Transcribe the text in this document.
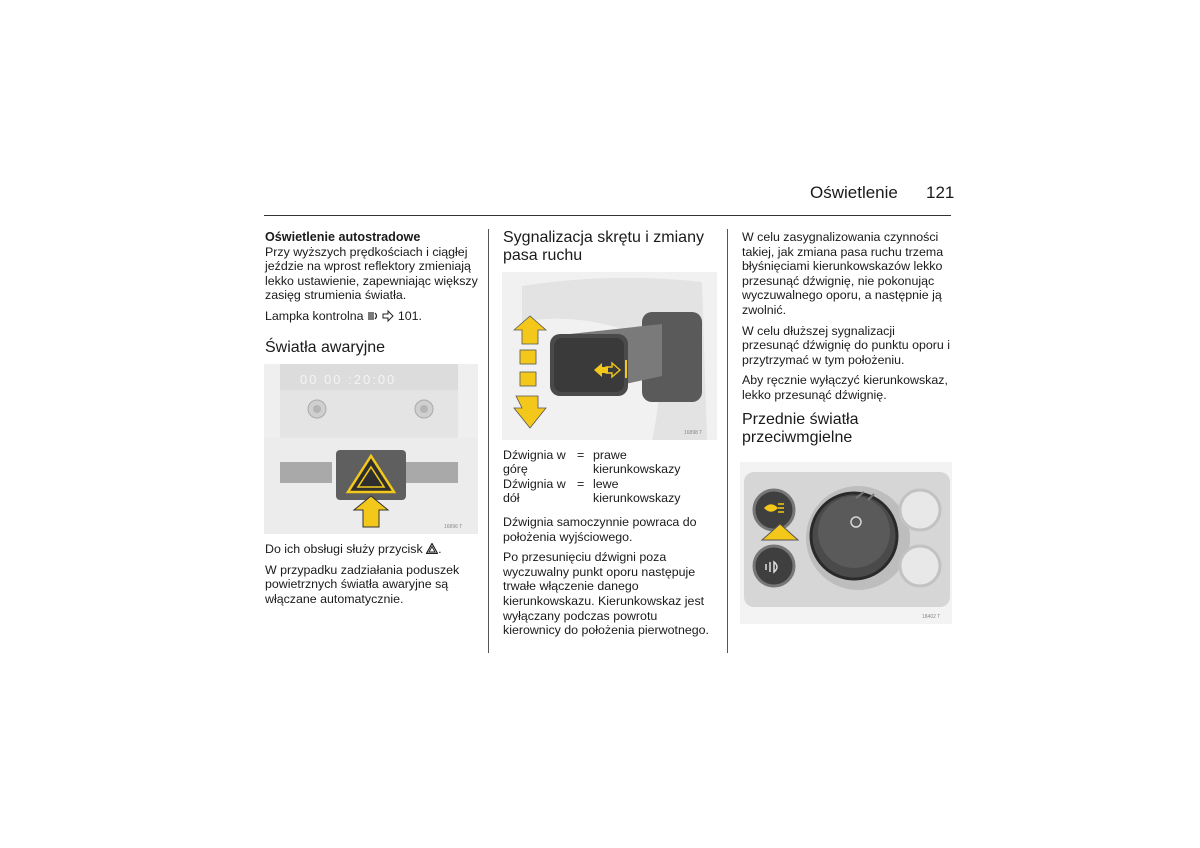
Oświetlenie 121
Oświetlenie autostradowe

Przy wyższych prędkościach i ciągłej jeździe na wprost reflektory zmieniają lekko ustawienie, zapewniając większy zasięg strumienia światła.

Lampka kontrolna	101.

Światła awaryjne
00 00 :20:00
16896 T

Do ich obsługi służy przycisk .

W przypadku zadziałania poduszek powietrznych światła awaryjne są włączane automatycznie.

Sygnalizacja skrętu i zmiany pasa ruchu
16898 T
Dźwignia w górę
= prawe kierunkowskazy
Dźwignia w dół
= lewe kierunkowskazy

Dźwignia samoczynnie powraca do położenia wyjściowego.

Po przesunięciu dźwigni poza wyczuwalny punkt oporu następuje trwałe włączenie danego kierunkowskazu. Kierunkowskaz jest wyłączany podczas powrotu kierownicy do położenia pierwotnego.

W celu zasygnalizowania czynności takiej, jak zmiana pasa ruchu trzema błyśnięciami kierunkowskazów lekko przesunąć dźwignię, nie pokonując wyczuwalnego oporu, a następnie ją zwolnić.

W celu dłuższej sygnalizacji przesunąć dźwignię do punktu oporu i przytrzymać w tym położeniu.

Aby ręcznie wyłączyć kierunkowskaz, lekko przesunąć dźwignię.

Przednie światła przeciwmgielne
18402 T
